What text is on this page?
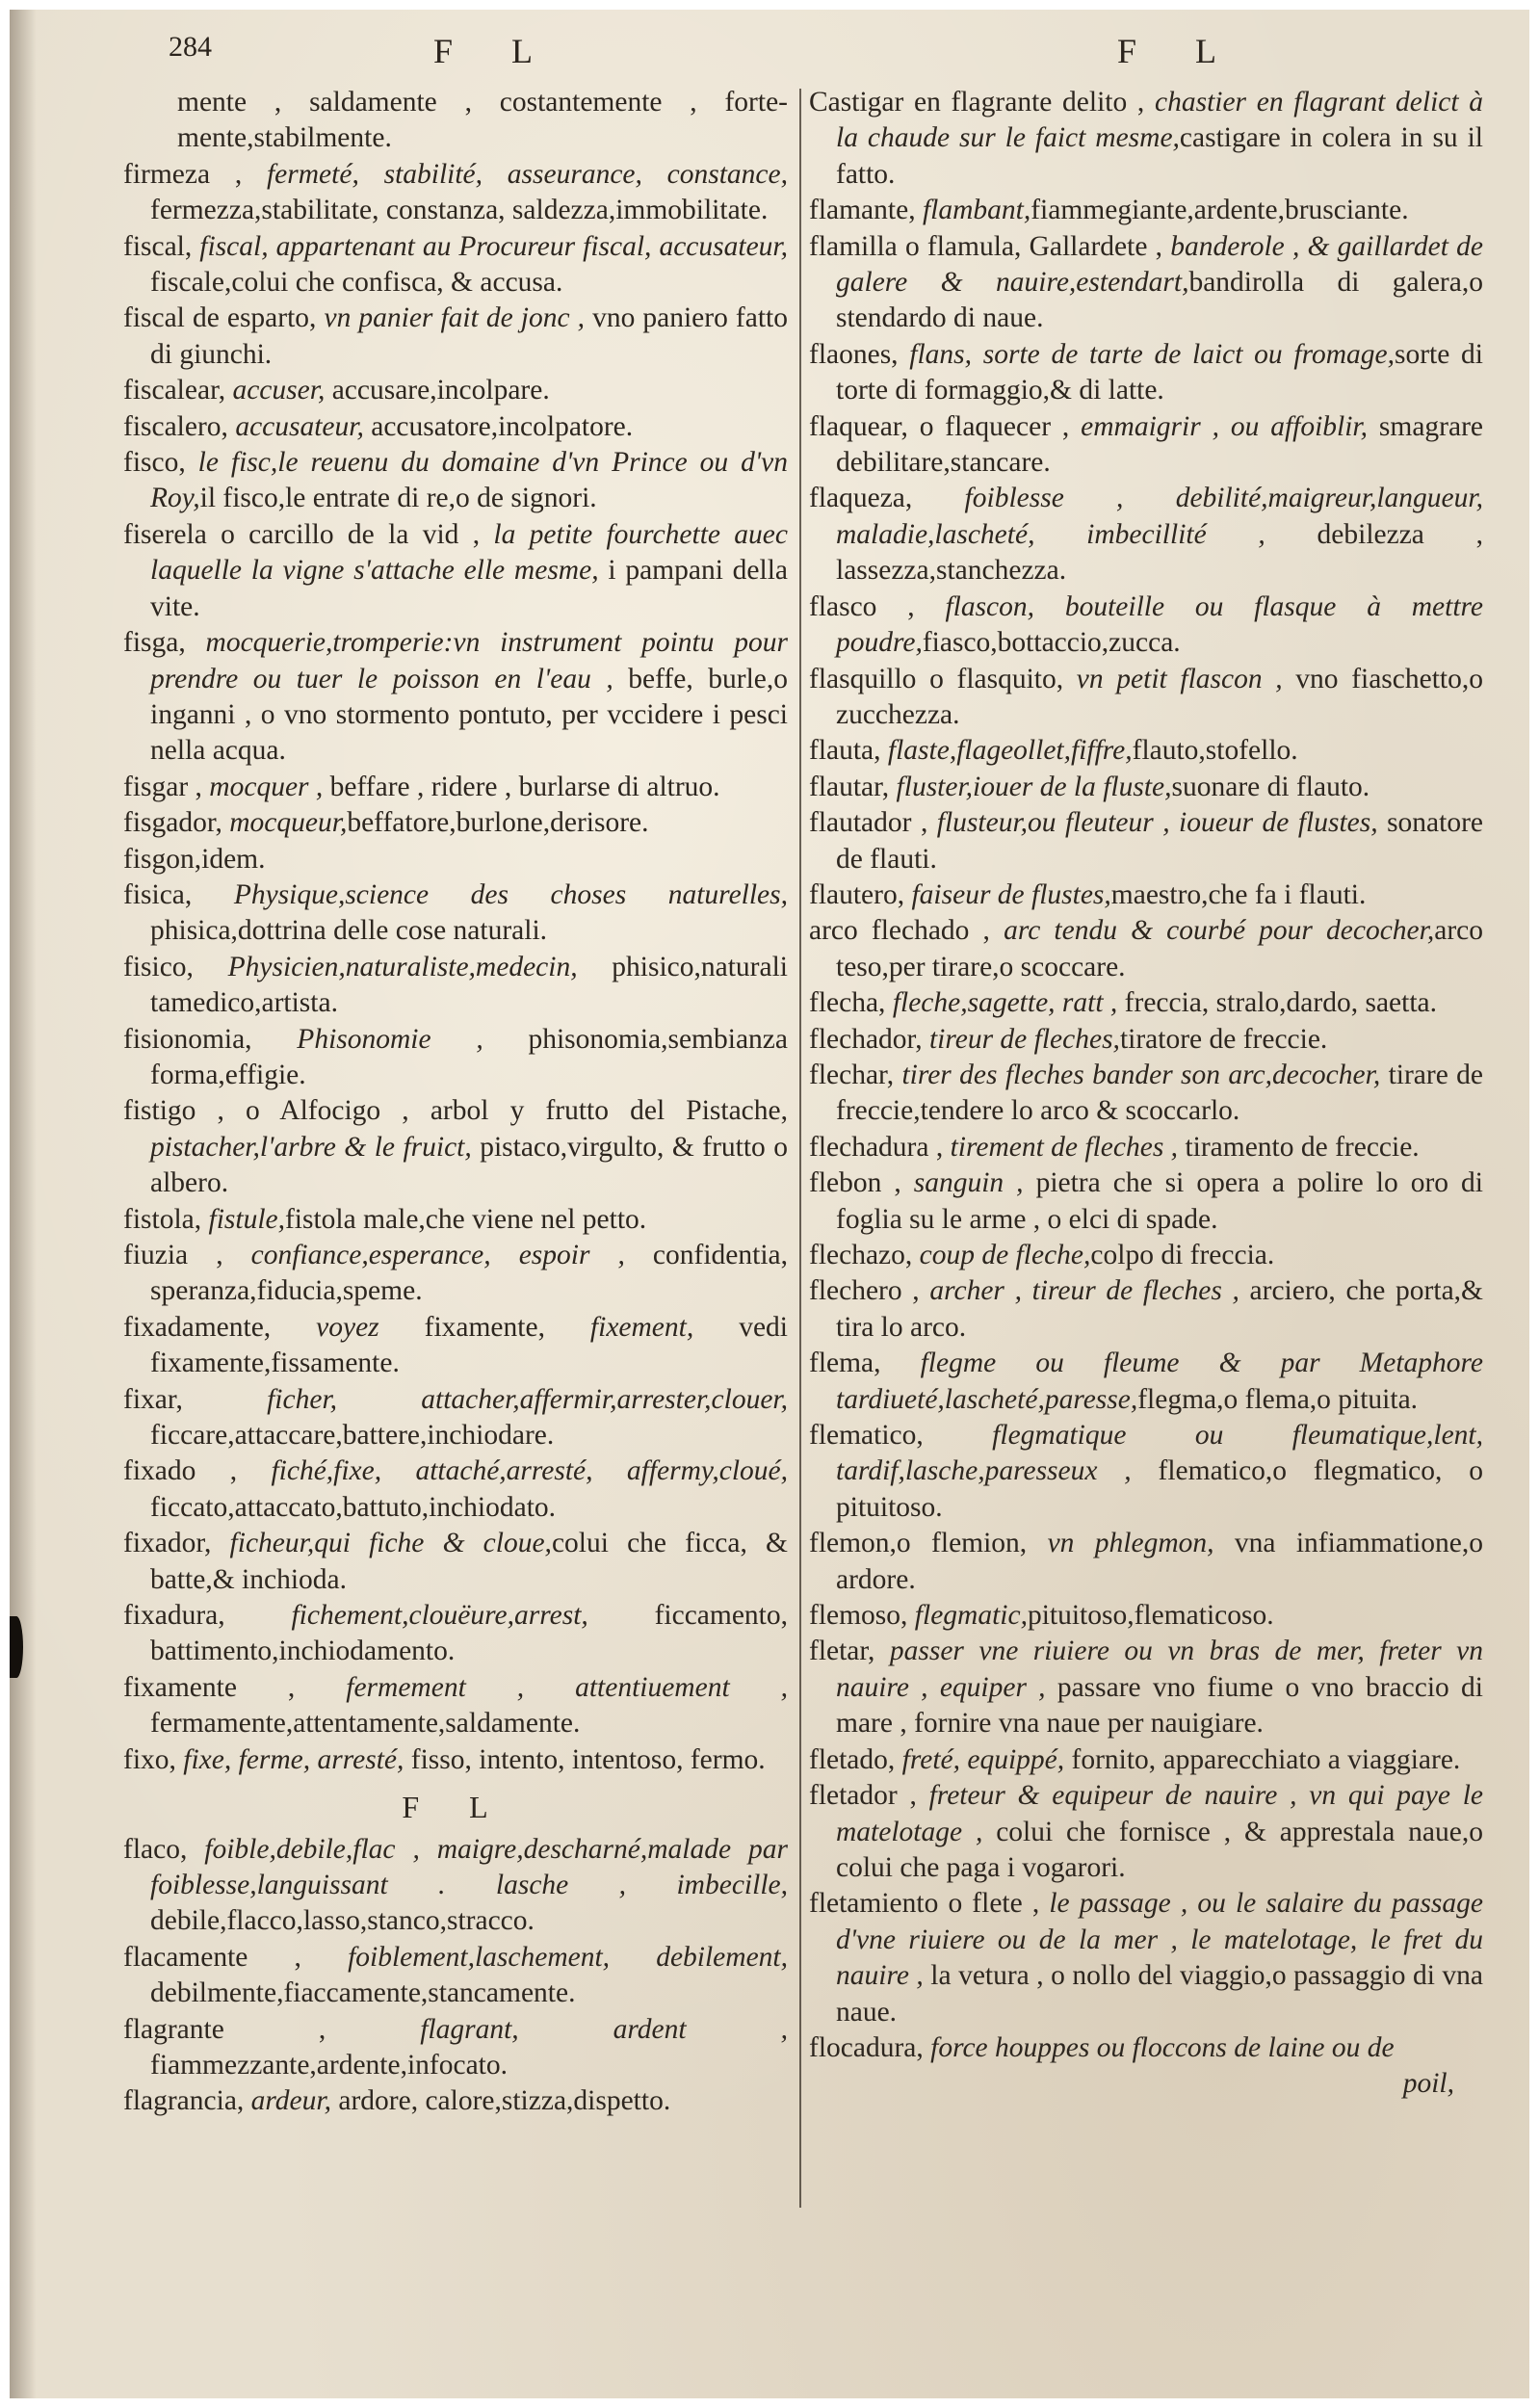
284	F L	F L

mente , saldamente , costantemente , forte-mente,stabilmente.

firmeza , fermeté, stabilité, asseurance, constance, fermezza,stabilitate, constanza, saldezza,immobilitate.

fiscal, fiscal, appartenant au Procureur fiscal, accusateur, fiscale,colui che confisca, & accusa.

fiscal de esparto, vn panier fait de jonc , vno paniero fatto di giunchi.

fiscalear, accuser, accusare,incolpare.

fiscalero, accusateur, accusatore,incolpatore.

fisco, le fisc,le reuenu du domaine d'vn Prince ou d'vn Roy,il fisco,le entrate di re,o de signori.

fiserela o carcillo de la vid , la petite fourchette auec laquelle la vigne s'attache elle mesme, i pampani della vite.

fisga, mocquerie,tromperie:vn instrument pointu pour prendre ou tuer le poisson en l'eau , beffe, burle,o inganni , o vno stormento pontuto, per vccidere i pesci nella acqua.

fisgar , mocquer , beffare , ridere , burlarse di altruo.

fisgador, mocqueur,beffatore,burlone,derisore.

fisgon,idem.

fisica, Physique,science des choses naturelles, phisica,dottrina delle cose naturali.

fisico, Physicien,naturaliste,medecin, phisico,naturali tamedico,artista.

fisionomia, Phisonomie , phisonomia,sembianza forma,effigie.

fistigo , o Alfocigo , arbol y frutto del Pistache, pistacher,l'arbre & le fruict, pistaco,virgulto, & frutto o albero.

fistola, fistule,fistola male,che viene nel petto.

fiuzia , confiance,esperance, espoir , confidentia, speranza,fiducia,speme.

fixadamente, voyez fixamente, fixement, vedi fixamente,fissamente.

fixar, ficher, attacher,affermir,arrester,clouer, ficcare,attaccare,battere,inchiodare.

fixado , fiché,fixe, attaché,arresté, affermy,cloué, ficcato,attaccato,battuto,inchiodato.

fixador, ficheur,qui fiche & cloue,colui che ficca, & batte,& inchioda.

fixadura, fichement,clouëure,arrest, ficcamento, battimento,inchiodamento.

fixamente , fermement , attentiuement , fermamente,attentamente,saldamente.

fixo, fixe, ferme, arresté, fisso, intento, intentoso, fermo.

F L

flaco, foible,debile,flac , maigre,descharné,malade par foiblesse,languissant . lasche , imbecille, debile,flacco,lasso,stanco,stracco.

flacamente , foiblement,laschement, debilement, debilmente,fiaccamente,stancamente.

flagrante , flagrant, ardent , fiammezzante,ardente,infocato.

flagrancia, ardeur, ardore, calore,stizza,dispetto.

Castigar en flagrante delito , chastier en flagrant delict à la chaude sur le faict mesme,castigare in colera in su il fatto.

flamante, flambant,fiammegiante,ardente,brusciante.

flamilla o flamula, Gallardete , banderole , & gaillardet de galere & nauire,estendart,bandirolla di galera,o stendardo di naue.

flaones, flans, sorte de tarte de laict ou fromage,sorte di torte di formaggio,& di latte.

flaquear, o flaquecer , emmaigrir , ou affoiblir, smagrare debilitare,stancare.

flaqueza, foiblesse , debilité,maigreur,langueur, maladie,lascheté, imbecillité , debilezza , lassezza,stanchezza.

flasco , flascon, bouteille ou flasque à mettre poudre,fiasco,bottaccio,zucca.

flasquillo o flasquito, vn petit flascon , vno fiaschetto,o zucchezza.

flauta, flaste,flageollet,fiffre,flauto,stofello.

flautar, fluster,iouer de la fluste,suonare di flauto.

flautador , flusteur,ou fleuteur , ioueur de flustes, sonatore de flauti.

flautero, faiseur de flustes,maestro,che fa i flauti.

arco flechado , arc tendu & courbé pour decocher,arco teso,per tirare,o scoccare.

flecha, fleche,sagette, ratt , freccia, stralo,dardo, saetta.

flechador, tireur de fleches,tiratore de freccie.

flechar, tirer des fleches bander son arc,decocher, tirare de freccie,tendere lo arco & scoccarlo.

flechadura , tirement de fleches , tiramento de freccie.

flebon , sanguin , pietra che si opera a polire lo oro di foglia su le arme , o elci di spade.

flechazo, coup de fleche,colpo di freccia.

flechero , archer , tireur de fleches , arciero, che porta,& tira lo arco.

flema, flegme ou fleume & par Metaphore tardiueté,lascheté,paresse,flegma,o flema,o pituita.

flematico, flegmatique ou fleumatique,lent, tardif,lasche,paresseux , flematico,o flegmatico, o pituitoso.

flemon,o flemion, vn phlegmon, vna infiammatione,o ardore.

flemoso, flegmatic,pituitoso,flematicoso.

fletar, passer vne riuiere ou vn bras de mer, freter vn nauire , equiper , passare vno fiume o vno braccio di mare , fornire vna naue per nauigiare.

fletado, freté, equippé, fornito, apparecchiato a viaggiare.

fletador , freteur & equipeur de nauire , vn qui paye le matelotage , colui che fornisce , & apprestala naue,o colui che paga i vogarori.

fletamiento o flete , le passage , ou le salaire du passage d'vne riuiere ou de la mer , le matelotage, le fret du nauire , la vetura , o nollo del viaggio,o passaggio di vna naue.

flocadura, force houppes ou floccons de laine ou de

poil,
